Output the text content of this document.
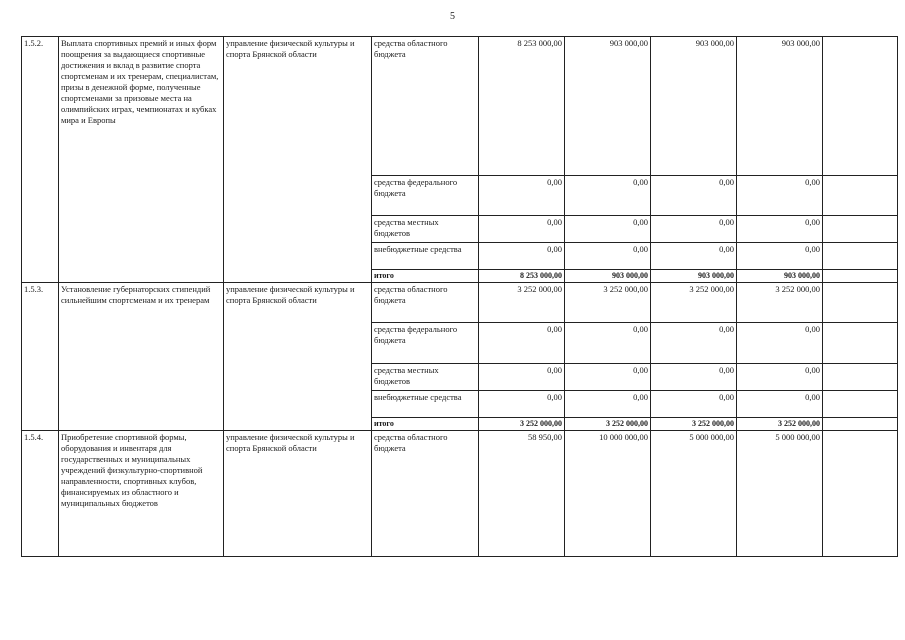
5
1.5.2.	Выплата спортивных премий и иных форм поощрения за выдающиеся спортивные достижения и вклад в развитие спорта спортсменам и их тренерам, специалистам, призы в денежной форме, полученные спортсменами за призовые места на олимпийских играх, чемпионатах и кубках мира и Европы	управление физической культуры и спорта Брянской области	средства областного бюджета	8 253 000,00	903 000,00	903 000,00	903 000,00	
			средства федерального бюджета	0,00	0,00	0,00	0,00	
			средства местных бюджетов	0,00	0,00	0,00	0,00	
			внебюджетные средства	0,00	0,00	0,00	0,00	
			итого	8 253 000,00	903 000,00	903 000,00	903 000,00	
1.5.3.	Установление губернаторских стипендий сильнейшим спортсменам и их тренерам	управление физической культуры и спорта Брянской области	средства областного бюджета	3 252 000,00	3 252 000,00	3 252 000,00	3 252 000,00	
			средства федерального бюджета	0,00	0,00	0,00	0,00	
			средства местных бюджетов	0,00	0,00	0,00	0,00	
			внебюджетные средства	0,00	0,00	0,00	0,00	
			итого	3 252 000,00	3 252 000,00	3 252 000,00	3 252 000,00	
1.5.4.	Приобретение спортивной формы, оборудования и инвентаря для государственных и муниципальных учреждений физкультурно-спортивной направленности, спортивных клубов, финансируемых из областного и муниципальных бюджетов	управление физической культуры и спорта Брянской области	средства областного бюджета	58 950,00	10 000 000,00	5 000 000,00	5 000 000,00	
